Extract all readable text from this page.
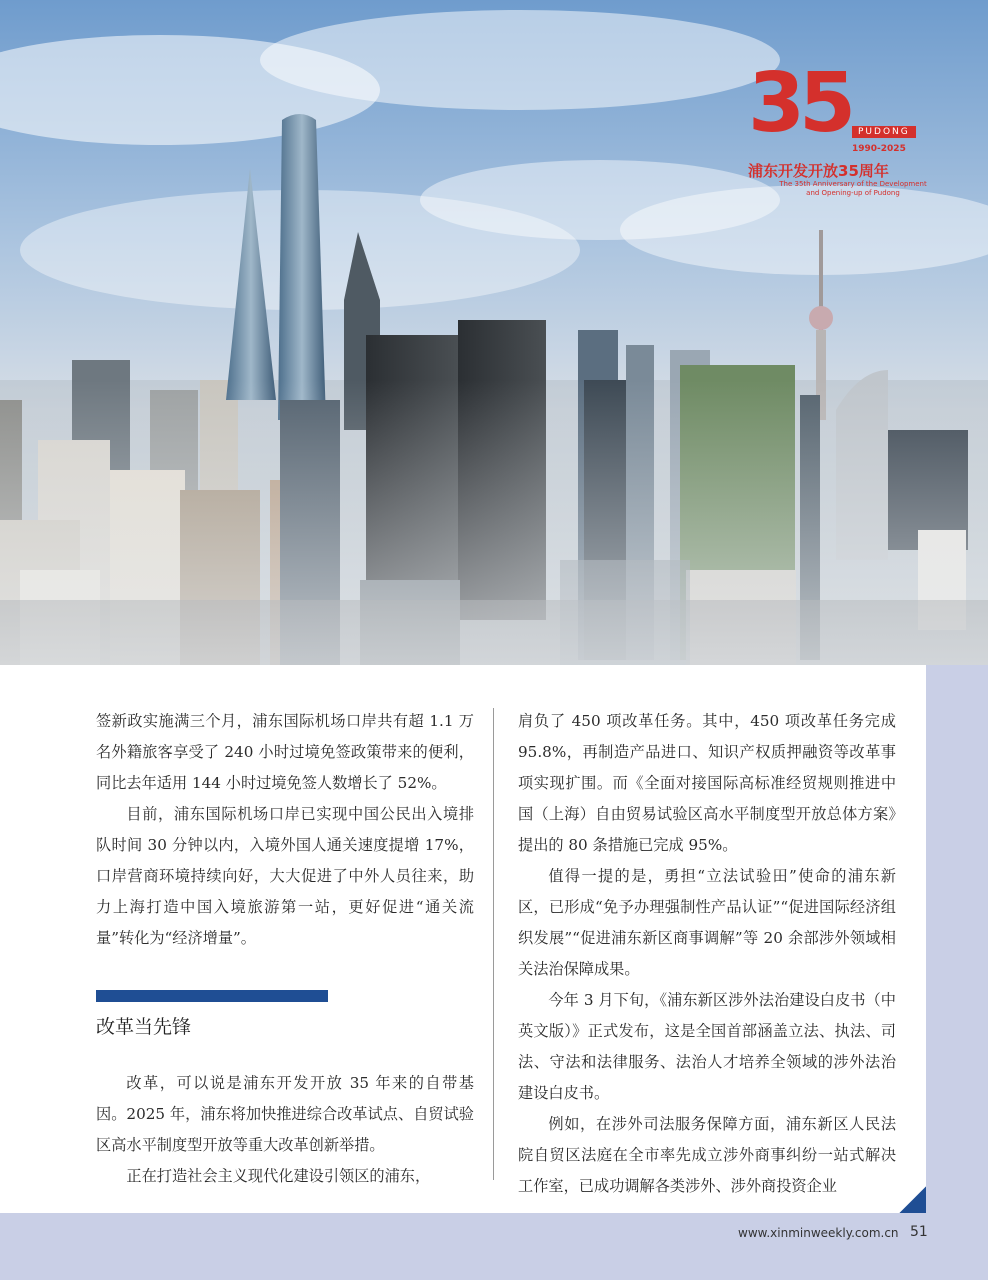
35 PUDONG
1990-2025
浦东开发开放35周年
The 35th Anniversary of the Development and Opening-up of Pudong

签新政实施满三个月，浦东国际机场口岸共有超 1.1 万名外籍旅客享受了 240 小时过境免签政策带来的便利，同比去年适用 144 小时过境免签人数增长了 52%。

目前，浦东国际机场口岸已实现中国公民出入境排队时间 30 分钟以内，入境外国人通关速度提增 17%，口岸营商环境持续向好，大大促进了中外人员往来，助力上海打造中国入境旅游第一站，更好促进“通关流量”转化为“经济增量”。

改革当先锋

改革，可以说是浦东开发开放 35 年来的自带基因。2025 年，浦东将加快推进综合改革试点、自贸试验区高水平制度型开放等重大改革创新举措。

正在打造社会主义现代化建设引领区的浦东，

肩负了 450 项改革任务。其中，450 项改革任务完成 95.8%，再制造产品进口、知识产权质押融资等改革事项实现扩围。而《全面对接国际高标准经贸规则推进中国（上海）自由贸易试验区高水平制度型开放总体方案》提出的 80 条措施已完成 95%。

值得一提的是，勇担“立法试验田”使命的浦东新区，已形成“免予办理强制性产品认证”“促进国际经济组织发展”“促进浦东新区商事调解”等 20 余部涉外领域相关法治保障成果。

今年 3 月下旬，《浦东新区涉外法治建设白皮书（中英文版）》正式发布，这是全国首部涵盖立法、执法、司法、守法和法律服务、法治人才培养全领域的涉外法治建设白皮书。

例如，在涉外司法服务保障方面，浦东新区人民法院自贸区法庭在全市率先成立涉外商事纠纷一站式解决工作室，已成功调解各类涉外、涉外商投资企业

www.xinminweekly.com.cn 51
